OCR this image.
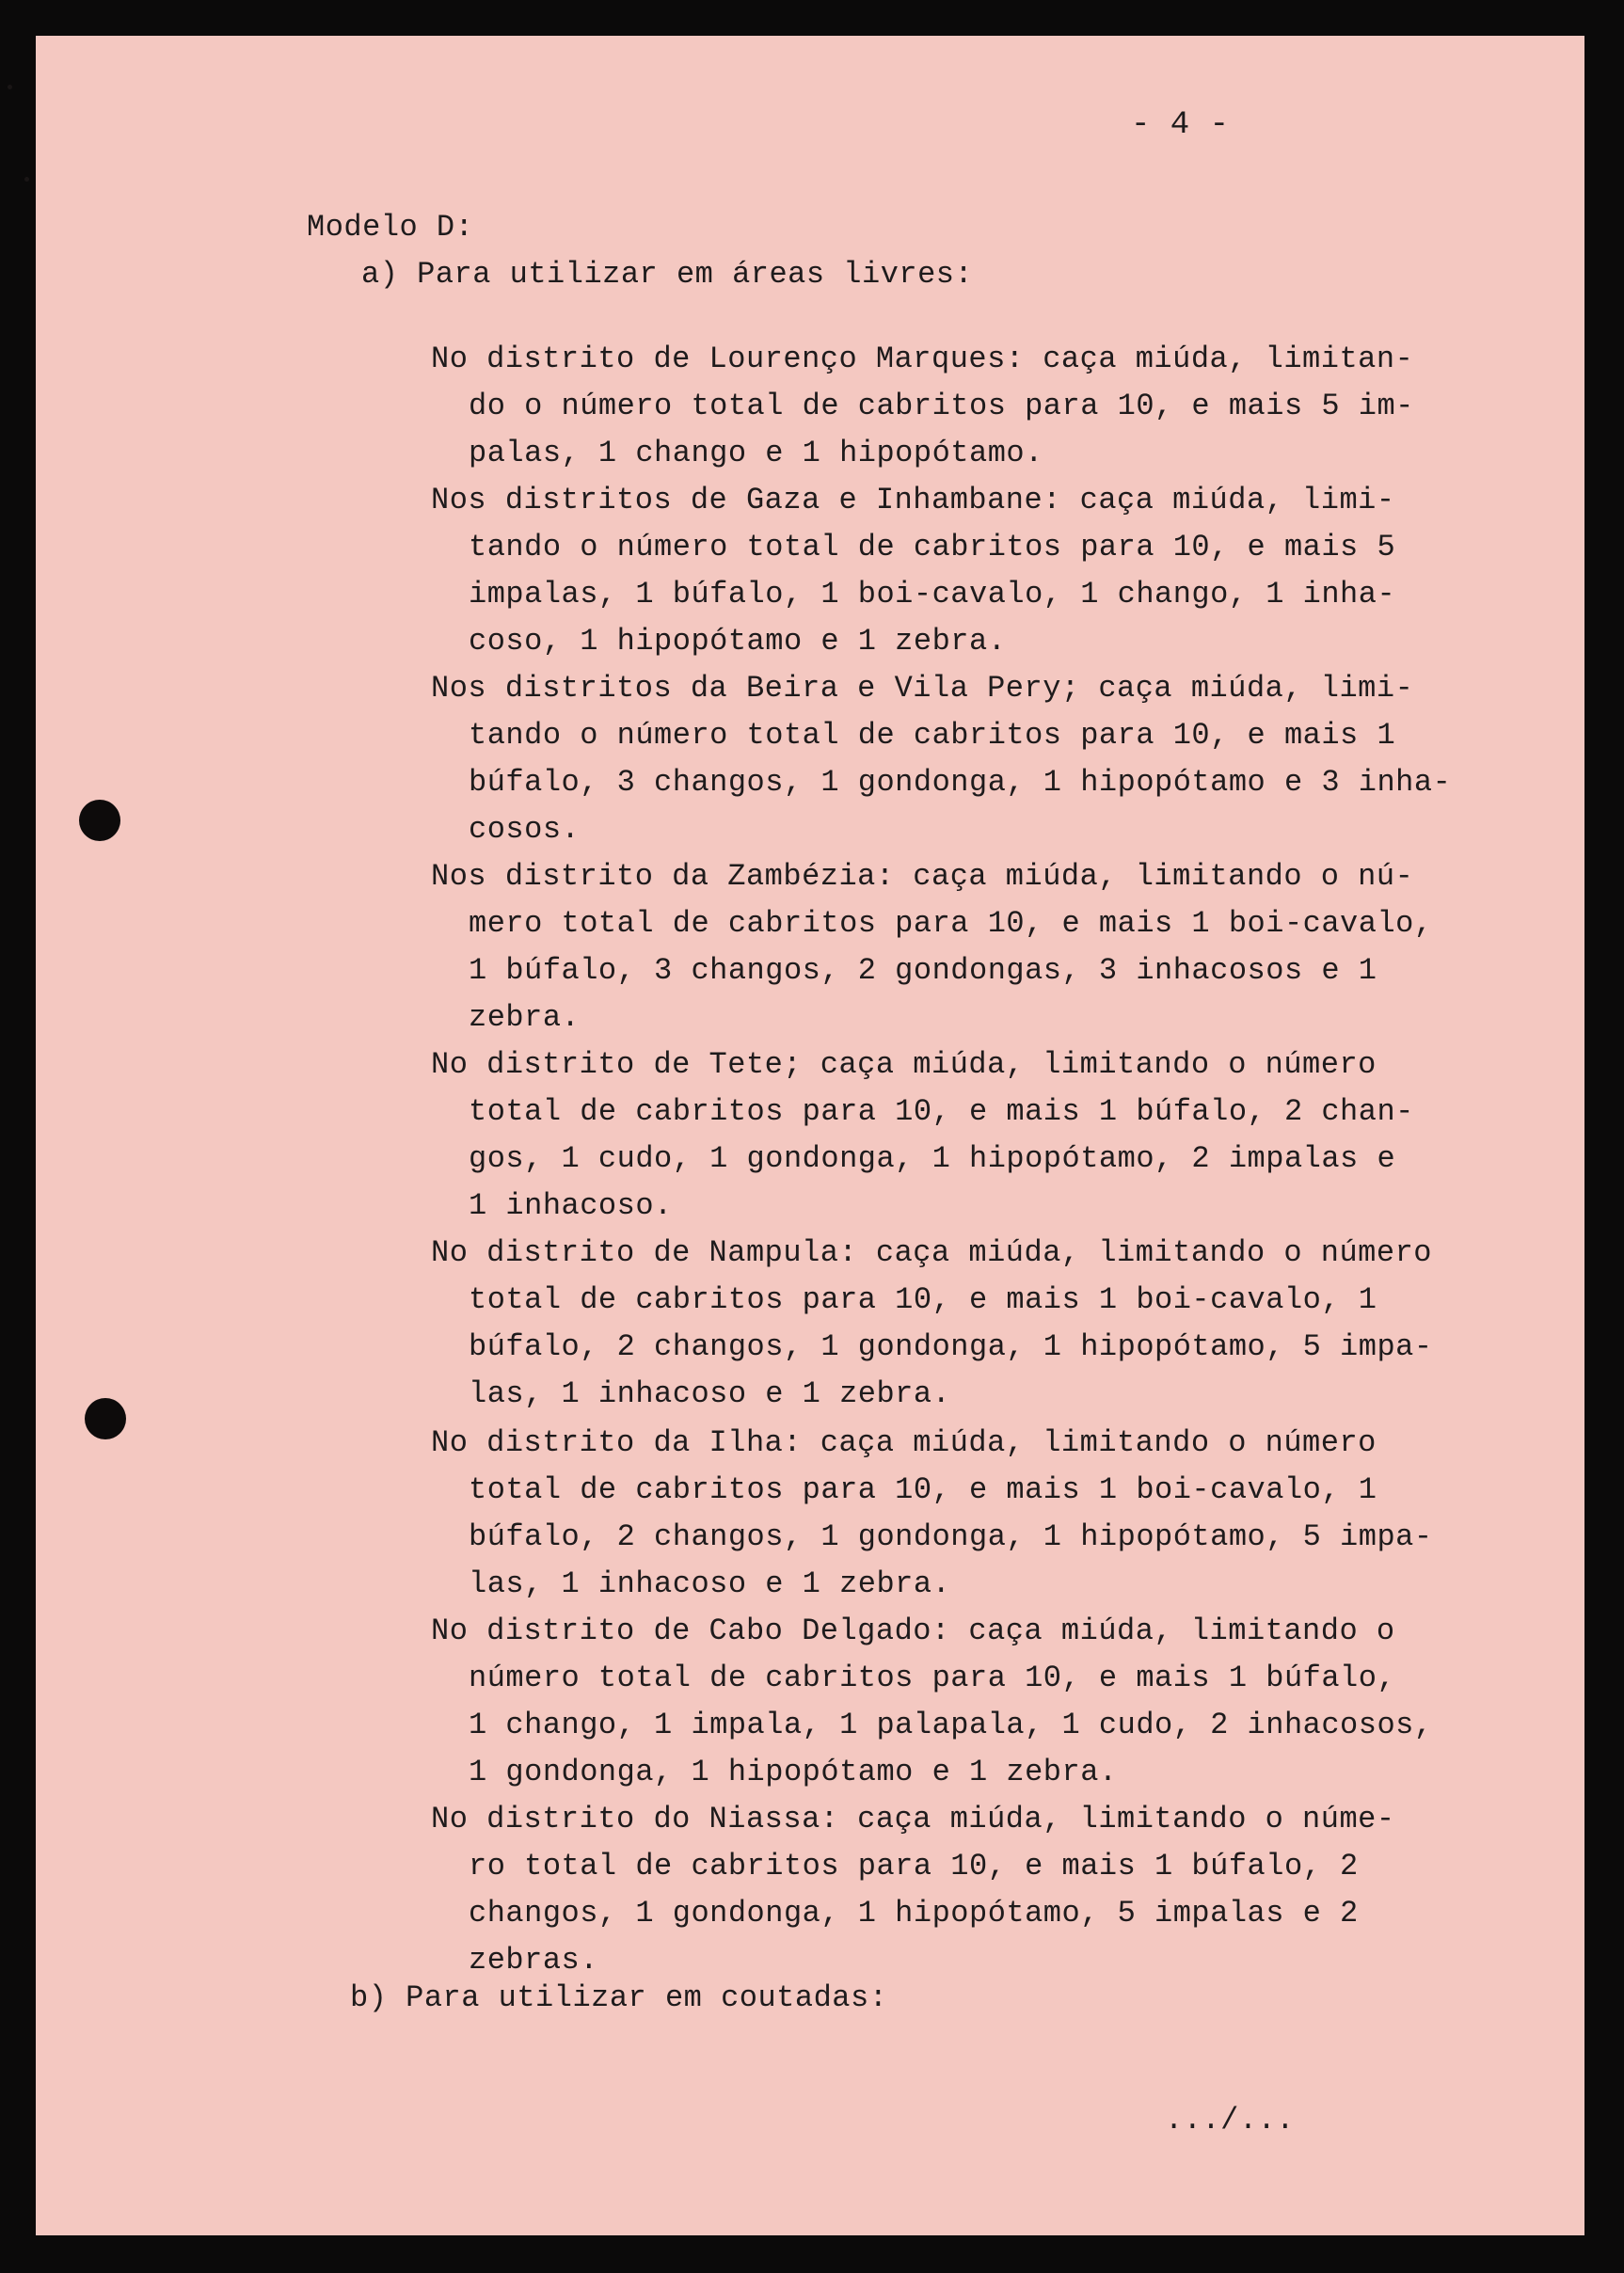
- 4 -
Modelo D:
a) Para utilizar em áreas livres:
No distrito de Lourenço Marques: caça miúda, limitan-
do o número total de cabritos para 10, e mais 5 im-
palas, 1 chango e 1 hipopótamo.
Nos distritos de Gaza e Inhambane: caça miúda, limi-
tando o número total de cabritos para 10, e mais 5
impalas, 1 búfalo, 1 boi-cavalo, 1 chango, 1 inha-
coso, 1 hipopótamo e 1 zebra.
Nos distritos da Beira e Vila Pery; caça miúda, limi-
tando o número total de cabritos para 10, e mais 1
búfalo, 3 changos, 1 gondonga, 1 hipopótamo e 3 inha-
cosos.
Nos distrito da Zambézia: caça miúda, limitando o nú-
mero total de cabritos para 10, e mais 1 boi-cavalo,
1 búfalo, 3 changos, 2 gondongas, 3 inhacosos e 1
zebra.
No distrito de Tete; caça miúda, limitando o número
total de cabritos para 10, e mais 1 búfalo, 2 chan-
gos, 1 cudo, 1 gondonga, 1 hipopótamo, 2 impalas e
1 inhacoso.
No distrito de Nampula: caça miúda, limitando o número
total de cabritos para 10, e mais 1 boi-cavalo, 1
búfalo, 2 changos, 1 gondonga, 1 hipopótamo, 5 impa-
las, 1 inhacoso e 1 zebra.
No distrito da Ilha: caça miúda, limitando o número
total de cabritos para 10, e mais 1 boi-cavalo, 1
búfalo, 2 changos, 1 gondonga, 1 hipopótamo, 5 impa-
las, 1 inhacoso e 1 zebra.
No distrito de Cabo Delgado: caça miúda, limitando o
número total de cabritos para 10, e mais 1 búfalo,
1 chango, 1 impala, 1 palapala, 1 cudo, 2 inhacosos,
1 gondonga, 1 hipopótamo e 1 zebra.
No distrito do Niassa: caça miúda, limitando o núme-
ro total de cabritos para 10, e mais 1 búfalo, 2
changos, 1 gondonga, 1 hipopótamo, 5 impalas e 2
zebras.
b) Para utilizar em coutadas:
.../...
